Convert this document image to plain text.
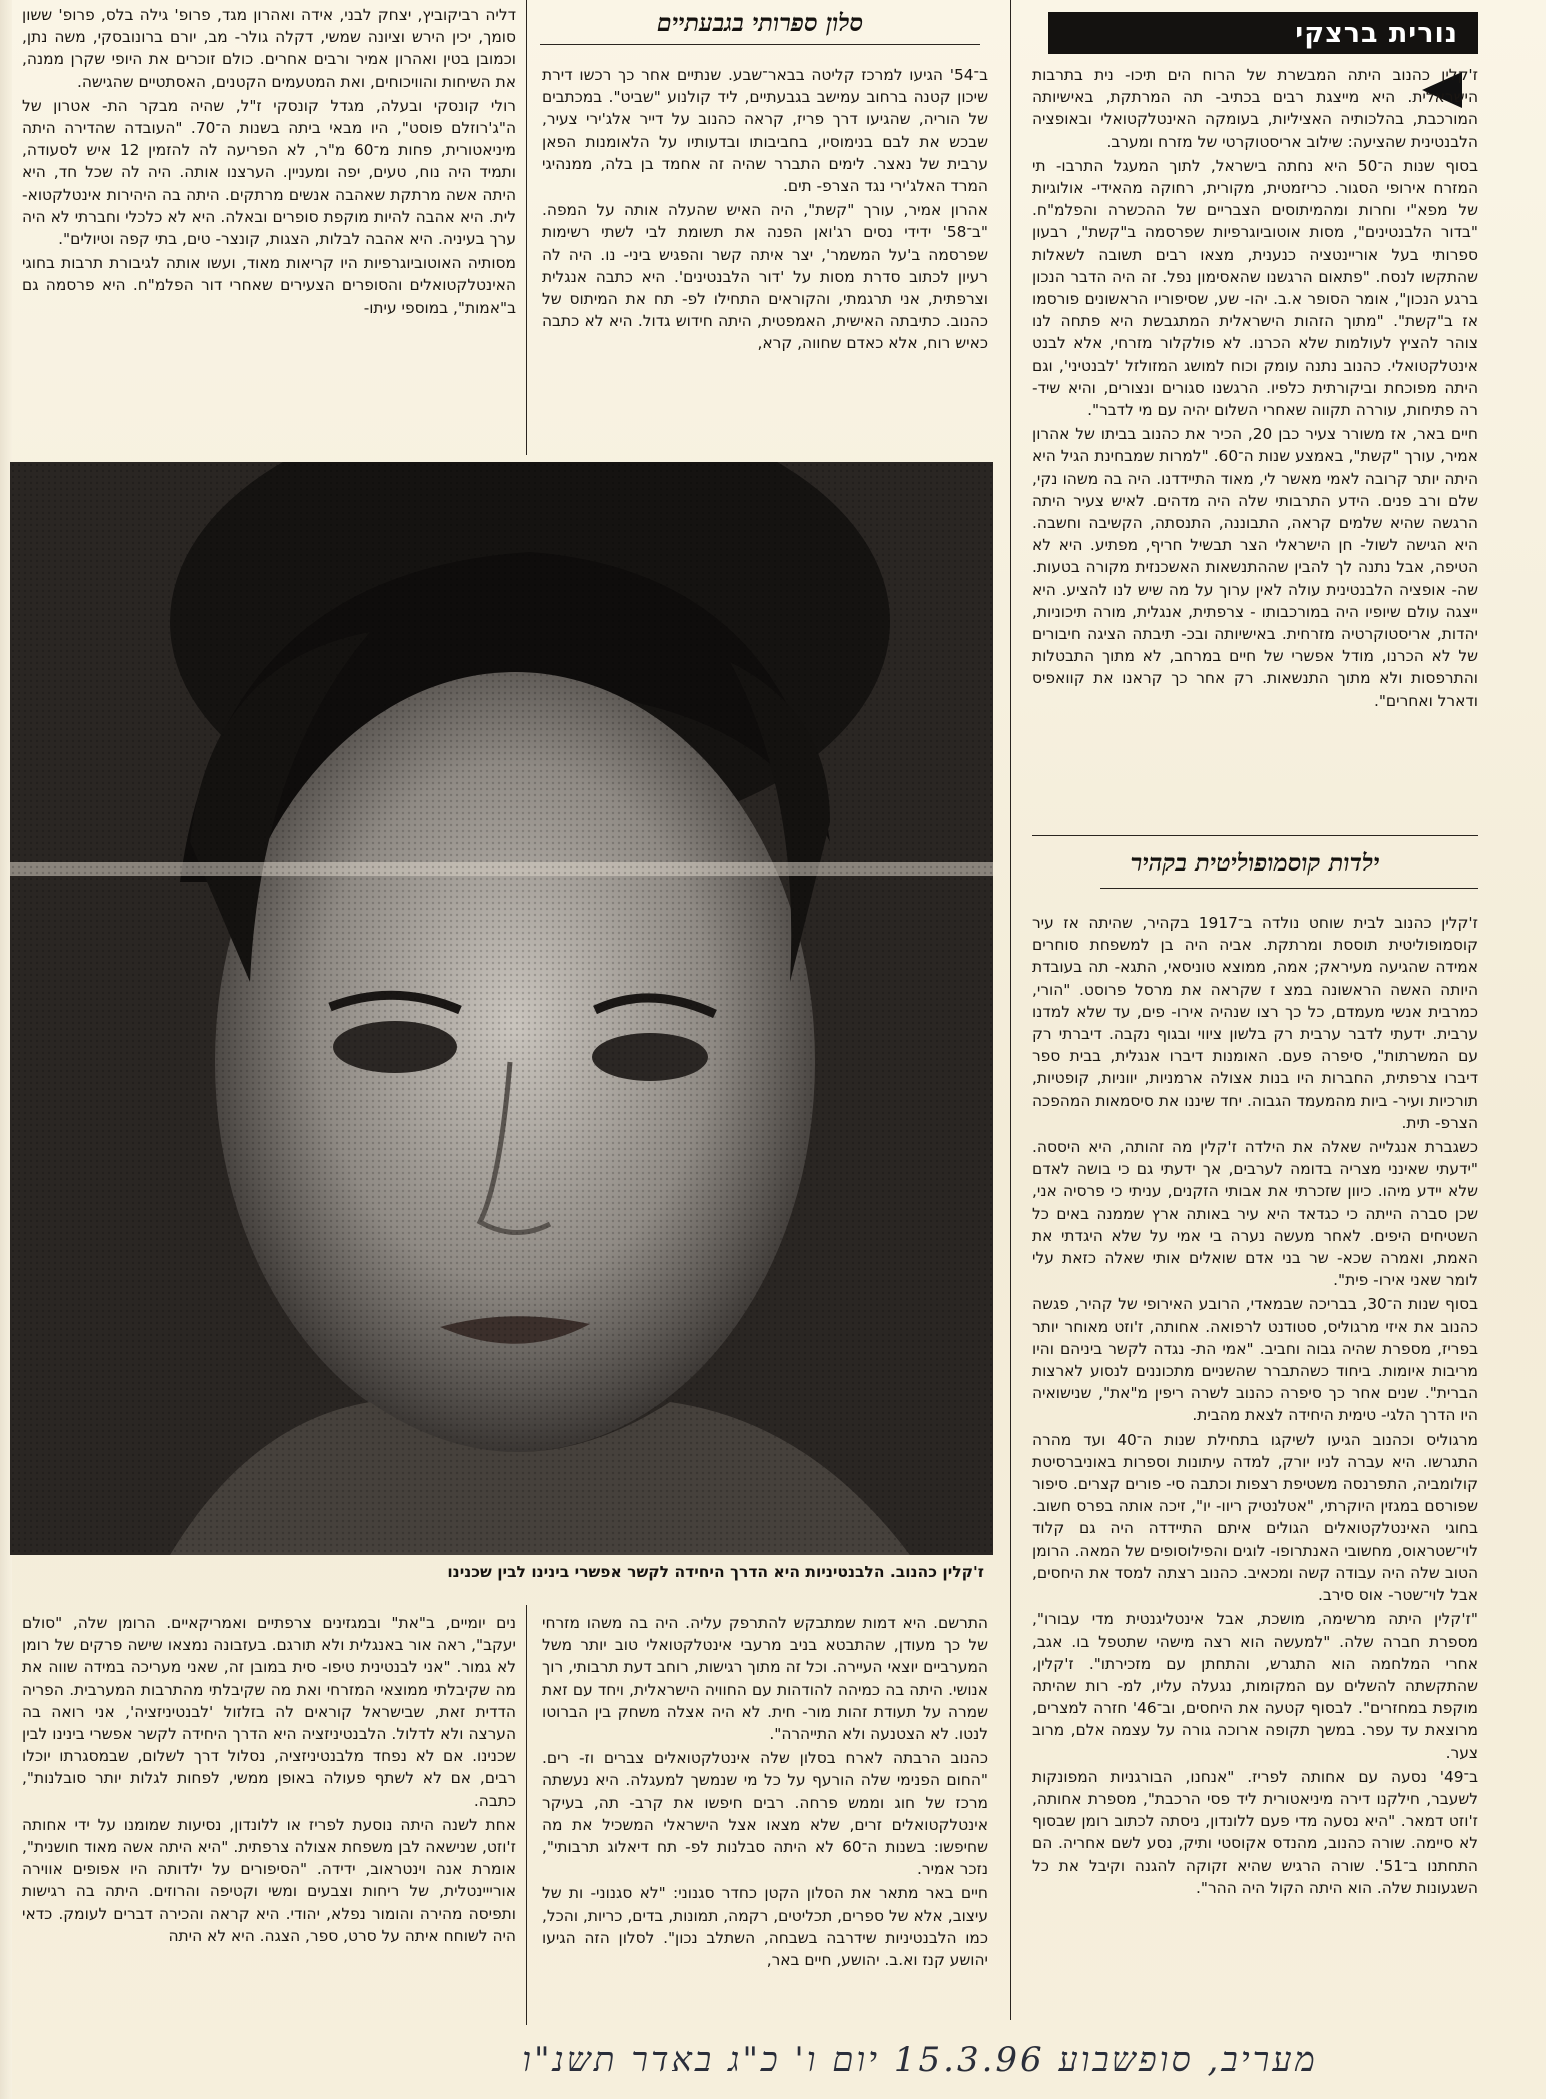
נורית ברצקי
סלון ספרותי בגבעתיים

ז'קלין כהנוב היתה המבשרת של הרוח הים תיכו- נית בתרבות הישראלית. היא מייצגת רבים בכתיב- תה המרתקת, באישיותה המורכבת, בהלכותיה האציליות, בעומקה האינטלקטואלי ובאופציה הלבנטינית שהציעה: שילוב אריסטוקרטי של מזרח ומערב.

בסוף שנות ה־50 היא נחתה בישראל, לתוך המעגל התרבו- תי המזרח אירופי הסגור. כריזמטית, מקורית, רחוקה מהאידי- אולוגיות של מפא"י וחרות ומהמיתוסים הצבריים של ההכשרה והפלמ"ח. "בדור הלבנטינים", מסות אוטוביוגרפיות שפרסמה ב"קשת", רבעון ספרותי בעל אוריינטציה כנענית, מצאו רבים תשובה לשאלות שהתקשו לנסח. "פתאום הרגשנו שהאסימון נפל. זה היה הדבר הנכון ברגע הנכון", אומר הסופר א.ב. יהו- שע, שסיפוריו הראשונים פורסמו אז ב"קשת". "מתוך הזהות הישראלית המתגבשת היא פתחה לנו צוהר להציץ לעולמות שלא הכרנו. לא פולקלור מזרחי, אלא לבנט אינטלקטואלי. כהנוב נתנה עומק וכוח למושג המזולזל 'לבנטיני', וגם היתה מפוכחת וביקורתית כלפיו. הרגשנו סגורים ונצורים, והיא שיד- רה פתיחות, עוררה תקווה שאחרי השלום יהיה עם מי לדבר".

חיים באר, אז משורר צעיר כבן 20, הכיר את כהנוב בביתו של אהרון אמיר, עורך "קשת", באמצע שנות ה־60. "למרות שמבחינת הגיל היא היתה יותר קרובה לאמי מאשר לי, מאוד התיידדנו. היה בה משהו נקי, שלם ורב פנים. הידע התרבותי שלה היה מדהים. לאיש צעיר היתה הרגשה שהיא שלמים קראה, התבוננה, התנסתה, הקשיבה וחשבה. היא הגישה לשול- חן הישראלי הצר תבשיל חריף, מפתיע. היא לא הטיפה, אבל נתנה לך להבין שההתנשאות האשכנזית מקורה בטעות. שה- אופציה הלבנטינית עולה לאין ערוך על מה שיש לנו להציע. היא ייצגה עולם שיופיו היה במורכבותו - צרפתית, אנגלית, מורה תיכוניות, יהדות, אריסטוקרטיה מזרחית. באישיותה ובכ- תיבתה הציגה חיבורים של לא הכרנו, מודל אפשרי של חיים במרחב, לא מתוך התבטלות והתרפסות ולא מתוך התנשאות. רק אחר כך קראנו את קוואפיס ודארל ואחרים".

ילדות קוסמופוליטית בקהיר

ז'קלין כהנוב לבית שוחט נולדה ב־1917 בקהיר, שהיתה אז עיר קוסמופוליטית תוססת ומרתקת. אביה היה בן למשפחת סוחרים אמידה שהגיעה מעיראק; אמה, ממוצא טוניסאי, התגא- תה בעובדת היותה האשה הראשונה במצ ז שקראה את מרסל פרוסט. "הורי, כמרבית אנשי מעמדם, כל כך רצו שנהיה אירו- פים, עד שלא למדנו ערבית. ידעתי לדבר ערבית רק בלשון ציווי ובגוף נקבה. דיברתי רק עם המשרתות", סיפרה פעם. האומנות דיברו אנגלית, בבית ספר דיברו צרפתית, החברות היו בנות אצולה ארמניות, יווניות, קופטיות, תורכיות ועיר- ביות מהמעמד הגבוה. יחד שיננו את סיסמאות המהפכה הצרפ- תית.

כשגברת אנגלייה שאלה את הילדה ז'קלין מה זהותה, היא היססה. "ידעתי שאינני מצריה בדומה לערבים, אך ידעתי גם כי בושה לאדם שלא יידע מיהו. כיוון שזכרתי את אבותי הזקנים, עניתי כי פרסיה אני, שכן סברה הייתה כי כגדאד היא עיר באותה ארץ שממנה באים כל השטיחים היפים. לאחר מעשה נערה בי אמי על שלא היגדתי את האמת, ואמרה שכא- שר בני אדם שואלים אותי שאלה כזאת עלי לומר שאני אירו- פית".

בסוף שנות ה־30, בבריכה שבמאדי, הרובע האירופי של קהיר, פגשה כהנוב את איזי מרגוליס, סטודנט לרפואה. אחותה, ז'וזט מאוחר יותר בפריז, מספרת שהיה גבוה וחביב. "אמי הת- נגדה לקשר ביניהם והיו מריבות איומות. ביחוד כשהתברר שהשניים מתכוננים לנסוע לארצות הברית". שנים אחר כך סיפרה כהנוב לשרה ריפין מ"את", שנישואיה היו הדרך הלגי- טימית היחידה לצאת מהבית.

מרגוליס וכהנוב הגיעו לשיקגו בתחילת שנות ה־40 ועד מהרה התגרשו. היא עברה לניו יורק, למדה עיתונות וספרות באוניברסיטת קולומביה, התפרנסה משטיפת רצפות וכתבה סי- פורים קצרים. סיפור שפורסם במגזין היוקרתי, "אטלנטיק ריוו- יו", זיכה אותה בפרס חשוב. בחוגי האינטלקטואלים הגולים איתם התיידדה היה גם קלוד לוי־שטראוס, מחשובי האנתרופו- לוגים והפילוסופים של המאה. הרומן הטוב שלה היה עבודה קשה ומכאיב. כהנוב רצתה למסד את היחסים, אבל לוי־שטר- אוס סירב.

"ז'קלין היתה מרשימה, מושכת, אבל אינטליגנטית מדי עבורו", מספרת חברה שלה. "למעשה הוא רצה מישהי שתטפל בו. אגב, אחרי המלחמה הוא התגרש, והתחתן עם מזכירתו". ז'קלין, שהתקשתה להשלים עם המקומות, נגעלה עליו, למ- רות שהיתה מוקפת במחזרים". לבסוף קטעה את היחסים, וב־46' חזרה למצרים, מרוצאת עד עפר. במשך תקופה ארוכה גורה על עצמה אלם, מרוב צער.

ב־49' נסעה עם אחותה לפריז. "אנחנו, הבורגניות המפונקות לשעבר, חילקנו דירה מיניאטורית ליד פסי הרכבת", מספרת אחותה, ז'וזט דמאר. "היא נסעה מדי פעם ללונדון, ניסתה לכתוב רומן שבסוף לא סיימה. שורה כהנוב, מהנדס אקוסטי ותיק, נסע לשם אחריה. הם התחתנו ב־51'. שורה הרגיש שהיא זקוקה להגנה וקיבל את כל השגעונות שלה. הוא היתה הקול היה ההר".

ב־54' הגיעו למרכז קליטה בבאר־שבע. שנתיים אחר כך רכשו דירת שיכון קטנה ברחוב עמישב בגבעתיים, ליד קולנוע "שביט". במכתבים של הוריה, שהגיעו דרך פריז, קראה כהנוב על דייר אלג'ירי צעיר, שבכש את לבם בנימוסיו, בחביבותו ובדעותיו על הלאומנות הפאן ערבית של נאצר. לימים התברר שהיה זה אחמד בן בלה, ממנהיגי המרד האלג'ירי נגד הצרפ- תים.

אהרון אמיר, עורך "קשת", היה האיש שהעלה אותה על המפה. "ב־58' ידידי נסים רג'ואן הפנה את תשומת לבי לשתי רשימות שפרסמה ב'על המשמר', יצר איתה קשר והפגיש ביני- נו. היה לה רעיון לכתוב סדרת מסות על 'דור הלבנטינים'. היא כתבה אנגלית וצרפתית, אני תרגמתי, והקוראים התחילו לפ- תח את המיתוס של כהנוב. כתיבתה האישית, האמפטית, היתה חידוש גדול. היא לא כתבה כאיש רוח, אלא כאדם שחווה, קרא,

דליה רביקוביץ, יצחק לבני, אידה ואהרון מגד, פרופ' גילה בלס, פרופ' ששון סומך, יכין הירש וציונה שמשי, דקלה גולר- מב, יורם ברונובסקי, משה נתן, וכמובן בטין ואהרון אמיר ורבים אחרים. כולם זוכרים את היופי שקרן ממנה, את השיחות והוויכוחים, ואת המטעמים הקטנים, האסתטיים שהגישה.

רולי קונסקי ובעלה, מגדל קונסקי ז"ל, שהיה מבקר הת- אטרון של ה"ג'רוזלם פוסט", היו מבאי ביתה בשנות ה־70. "העובדה שהדירה היתה מיניאטורית, פחות מ־60 מ"ר, לא הפריעה לה להזמין 12 איש לסעודה, ותמיד היה נוח, טעים, יפה ומעניין. הערצנו אותה. היה לה שכל חד, היא היתה אשה מרתקת שאהבה אנשים מרתקים. היתה בה היהירות אינטלקטוא- לית. היא אהבה להיות מוקפת סופרים ובאלה. היא לא כלכלי וחברתי לא היה ערך בעיניה. היא אהבה לבלות, הצגות, קונצר- טים, בתי קפה וטיולים".

מסותיה האוטוביוגרפיות היו קריאות מאוד, ועשו אותה לגיבורת תרבות בחוגי האינטלקטואלים והסופרים הצעירים שאחרי דור הפלמ"ח. היא פרסמה גם ב"אמות", במוספי עיתו-

ז'קלין כהנוב. הלבנטיניות היא הדרך היחידה לקשר אפשרי בינינו לבין שכנינו

התרשם. היא דמות שמתבקש להתרפק עליה. היה בה משהו מזרחי של כך מעודן, שהתבטא בניב מרעבי אינטלקטואלי טוב יותר משל המערביים יוצאי העיירה. וכל זה מתוך רגישות, רוחב דעת תרבותי, רוך אנושי. היתה בה כמיהה להודהות עם החוויה הישראלית, ויחד עם זאת שמרה על תעודת זהות מור- חית. לא היה אצלה משחק בין הברוטו לנטו. לא הצטנעה ולא התייהרה".

כהנוב הרבתה לארח בסלון שלה אינטלקטואלים צברים וז- רים. "החום הפנימי שלה הורעף על כל מי שנמשך למעגלה. היא נעשתה מרכז של חוג וממש פרחה. רבים חיפשו את קרב- תה, בעיקר אינטלקטואלים זרים, שלא מצאו אצל הישראלי המשכיל את מה שחיפשו: בשנות ה־60 לא היתה סבלנות לפ- תח דיאלוג תרבותי", נזכר אמיר.

חיים באר מתאר את הסלון הקטן כחדר סגנוני: "לא סגנוני- ות של עיצוב, אלא של ספרים, תכליטים, רקמה, תמונות, בדים, כריות, והכל, כמו הלבנטיניות שידרבה בשבחה, השתלב נכון". לסלון הזה הגיעו יהושע קנז וא.ב. יהושע, חיים באר,

נים יומיים, ב"את" ובמגזינים צרפתיים ואמריקאיים. הרומן שלה, "סולם יעקב", ראה אור באנגלית ולא תורגם. בעזבונה נמצאו שישה פרקים של רומן לא גמור. "אני לבנטינית טיפו- סית במובן זה, שאני מעריכה במידה שווה את מה שקיבלתי ממוצאי המזרחי ואת מה שקיבלתי מהתרבות המערבית. הפריה הדדית זאת, שבישראל קוראים לה בזלזול 'לבנטיניזציה', אני רואה בה הערצה ולא לדלול. הלבנטיניזציה היא הדרך היחידה לקשר אפשרי בינינו לבין שכנינו. אם לא נפחד מלבנטיניזציה, נסלול דרך לשלום, שבמסגרתו יוכלו רבים, אם לא לשתף פעולה באופן ממשי, לפחות לגלות יותר סובלנות", כתבה.

אחת לשנה היתה נוסעת לפריז או ללונדון, נסיעות שמומנו על ידי אחותה ז'וזט, שנישאה לבן משפחת אצולה צרפתית. "היא היתה אשה מאוד חושנית", אומרת אנה וינטראוב, ידידה. "הסיפורים על ילדותה היו אפופים אווירה אורייינטלית, של ריחות וצבעים ומשי וקטיפה והרוזים. היתה בה רגישות ותפיסה מהירה והומור נפלא, יהודי. היא קראה והכירה דברים לעומק. כדאי היה לשוחח איתה על סרט, ספר, הצגה. היא לא היתה

מעריב, סופשבוע 15.3.96 יום ו' כ"ג באדר תשנ"ו
